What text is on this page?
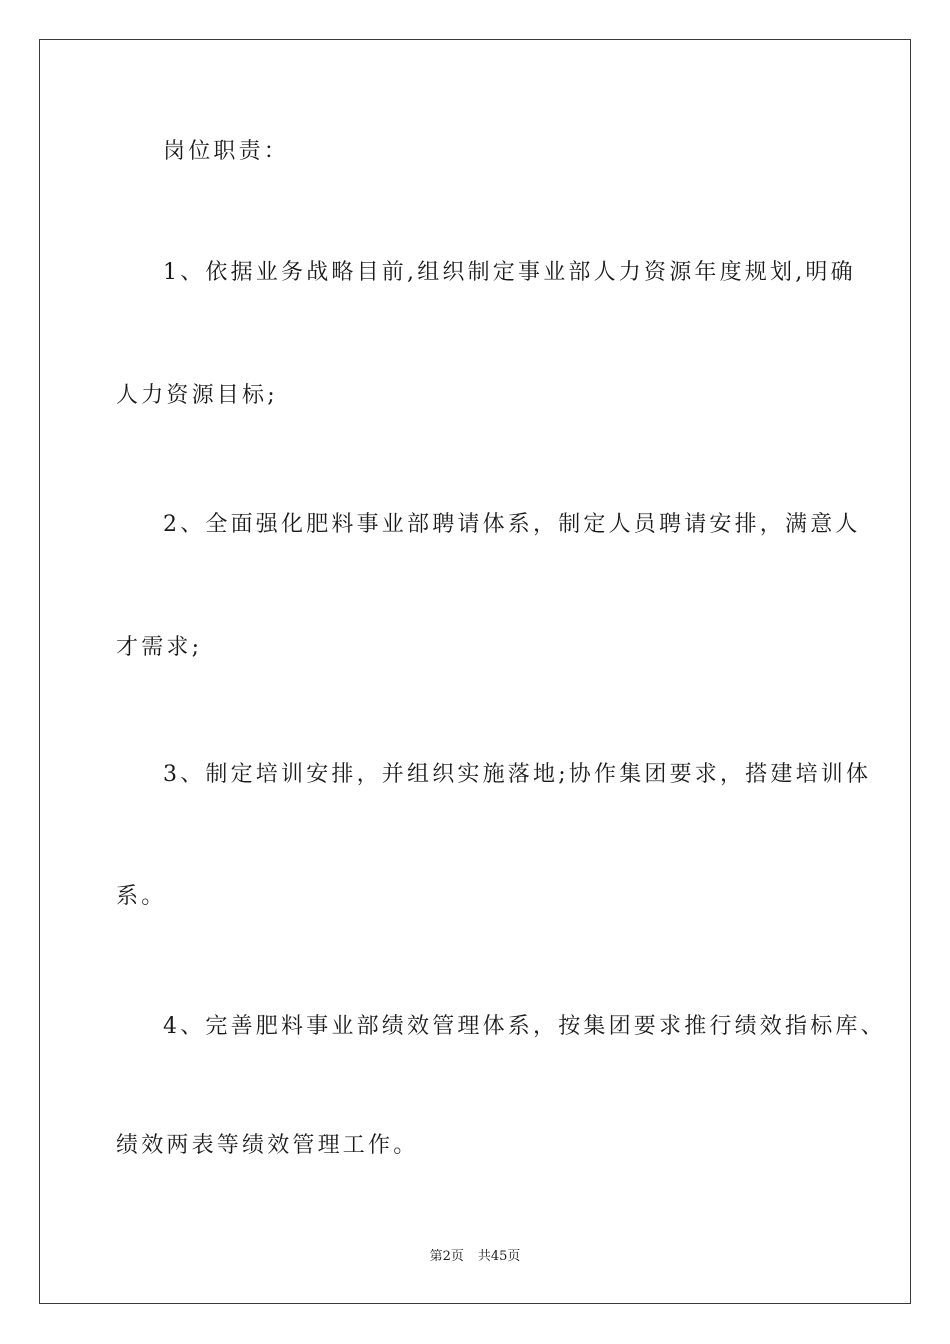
岗位职责：
1、依据业务战略目前,组织制定事业部人力资源年度规划,明确
人力资源目标;
2、全面强化肥料事业部聘请体系，制定人员聘请安排，满意人
才需求;
3、制定培训安排，并组织实施落地;协作集团要求，搭建培训体
系。
4、完善肥料事业部绩效管理体系，按集团要求推行绩效指标库、
绩效两表等绩效管理工作。
第2页 共45页
